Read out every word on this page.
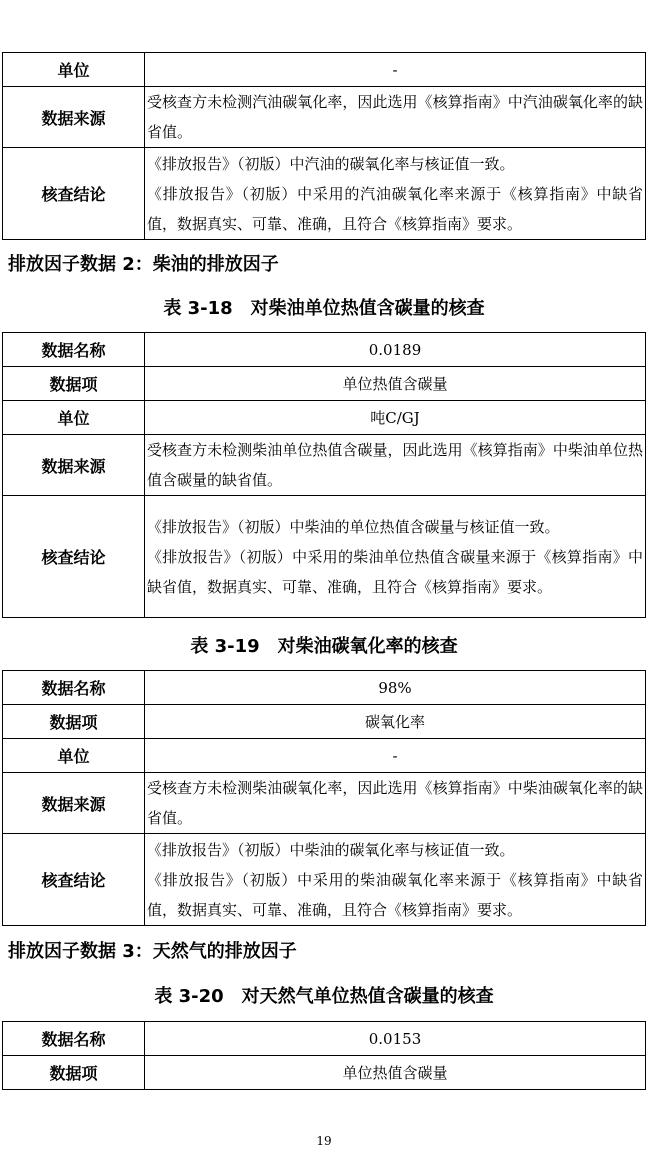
单位	-
数据来源	受核查方未检测汽油碳氧化率，因此选用《核算指南》中汽油碳氧化率的缺省值。
核查结论	《排放报告》（初版）中汽油的碳氧化率与核证值一致。
《排放报告》（初版）中采用的汽油碳氧化率来源于《核算指南》中缺省值，数据真实、可靠、准确，且符合《核算指南》要求。
排放因子数据 2：柴油的排放因子
表 3-18　对柴油单位热值含碳量的核查
数据名称	0.0189
数据项	单位热值含碳量
单位	吨C/GJ
数据来源	受核查方未检测柴油单位热值含碳量，因此选用《核算指南》中柴油单位热值含碳量的缺省值。
核查结论	《排放报告》（初版）中柴油的单位热值含碳量与核证值一致。
《排放报告》（初版）中采用的柴油单位热值含碳量来源于《核算指南》中缺省值，数据真实、可靠、准确，且符合《核算指南》要求。
表 3-19　对柴油碳氧化率的核查
数据名称	98%
数据项	碳氧化率
单位	-
数据来源	受核查方未检测柴油碳氧化率，因此选用《核算指南》中柴油碳氧化率的缺省值。
核查结论	《排放报告》（初版）中柴油的碳氧化率与核证值一致。
《排放报告》（初版）中采用的柴油碳氧化率来源于《核算指南》中缺省值，数据真实、可靠、准确，且符合《核算指南》要求。
排放因子数据 3：天然气的排放因子
表 3-20　对天然气单位热值含碳量的核查
数据名称	0.0153
数据项	单位热值含碳量
19
